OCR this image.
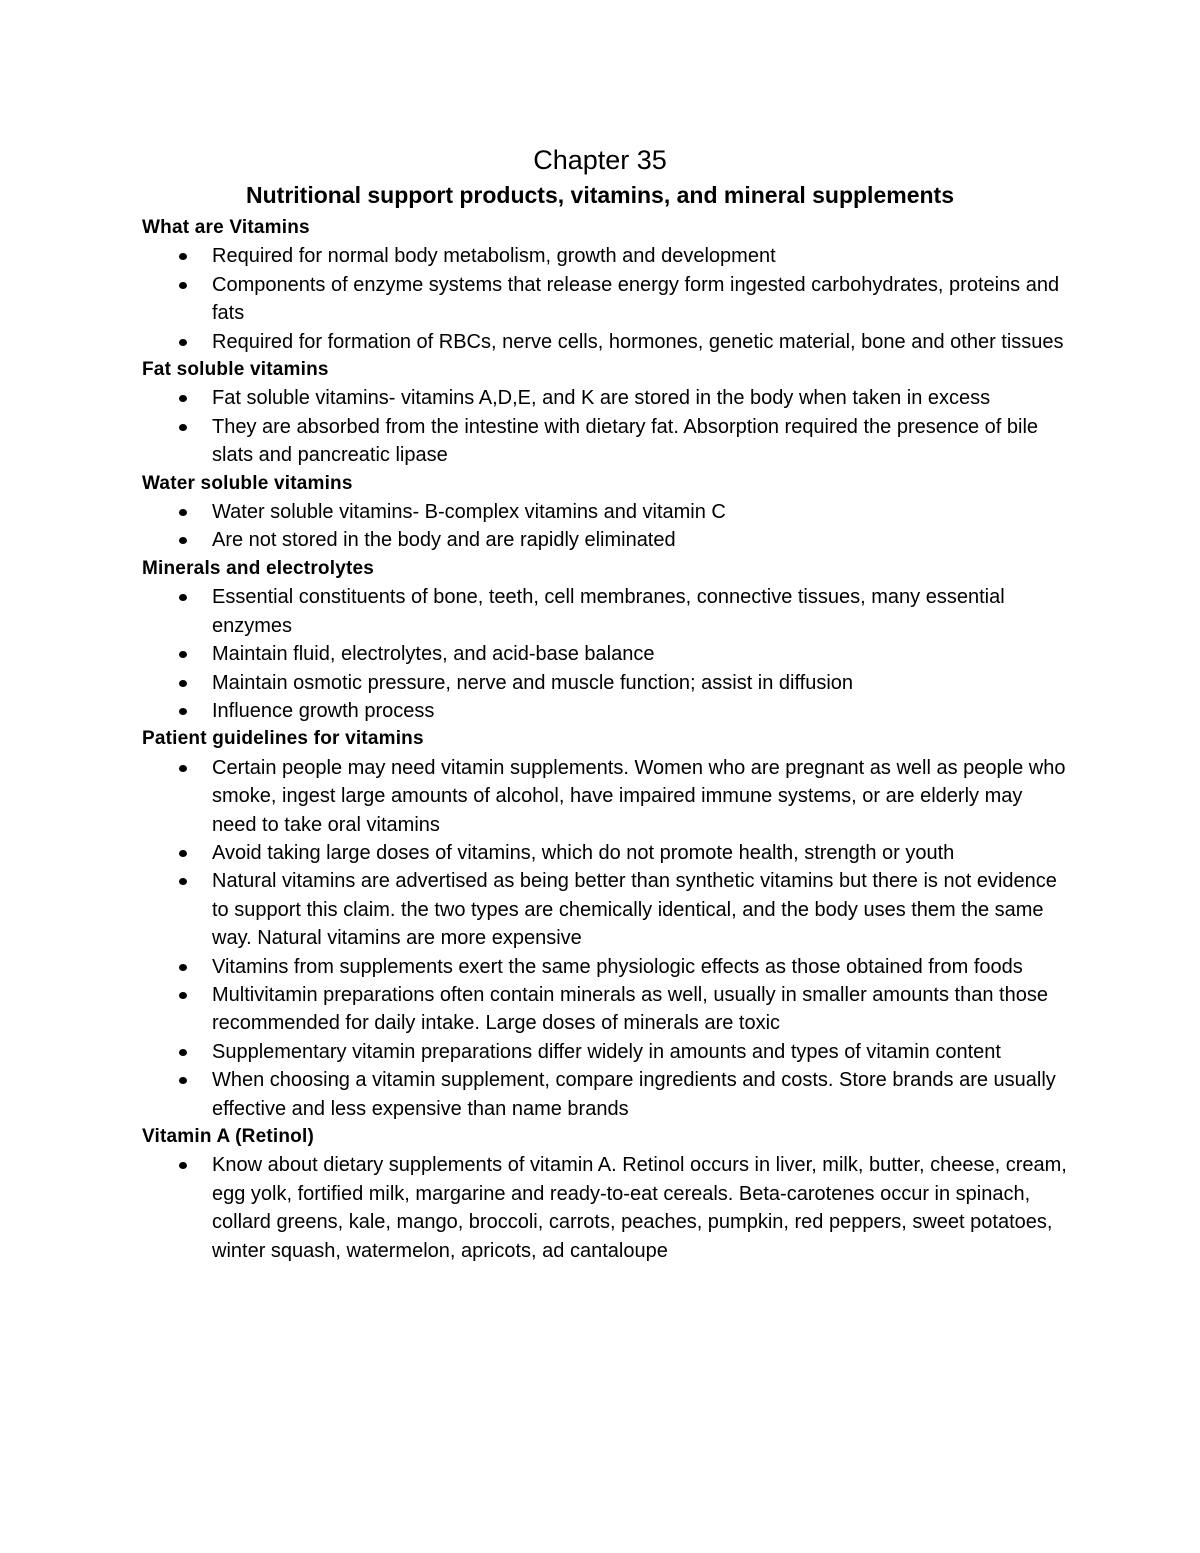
Chapter 35
Nutritional support products, vitamins, and mineral supplements
What are Vitamins
Required for normal body metabolism, growth and development
Components of enzyme systems that release energy form ingested carbohydrates, proteins and fats
Required for formation of RBCs, nerve cells, hormones, genetic material, bone and other tissues
Fat soluble vitamins
Fat soluble vitamins- vitamins A,D,E, and K are stored in the body when taken in excess
They are absorbed from the intestine with dietary fat. Absorption required the presence of bile slats and pancreatic lipase
Water soluble vitamins
Water soluble vitamins- B-complex vitamins and vitamin C
Are not stored in the body and are rapidly eliminated
Minerals and electrolytes
Essential constituents of bone, teeth, cell membranes, connective tissues, many essential enzymes
Maintain fluid, electrolytes, and acid-base balance
Maintain osmotic pressure, nerve and muscle function; assist in diffusion
Influence growth process
Patient guidelines for vitamins
Certain people may need vitamin supplements. Women who are pregnant as well as people who smoke, ingest large amounts of alcohol, have impaired immune systems, or are elderly may need to take oral vitamins
Avoid taking large doses of vitamins, which do not promote health, strength or youth
Natural vitamins are advertised as being better than synthetic vitamins but there is not evidence to support this claim. the two types are chemically identical, and the body uses them the same way. Natural vitamins are more expensive
Vitamins from supplements exert the same physiologic effects as those obtained from foods
Multivitamin preparations often contain minerals as well, usually in smaller amounts than those recommended for daily intake. Large doses of minerals are toxic
Supplementary vitamin preparations differ widely in amounts and types of vitamin content
When choosing a vitamin supplement, compare ingredients and costs. Store brands are usually effective and less expensive than name brands
Vitamin A (Retinol)
Know about dietary supplements of vitamin A. Retinol occurs in liver, milk, butter, cheese, cream, egg yolk, fortified milk, margarine and ready-to-eat cereals. Beta-carotenes occur in spinach, collard greens, kale, mango, broccoli, carrots, peaches, pumpkin, red peppers, sweet potatoes, winter squash, watermelon, apricots, ad cantaloupe
